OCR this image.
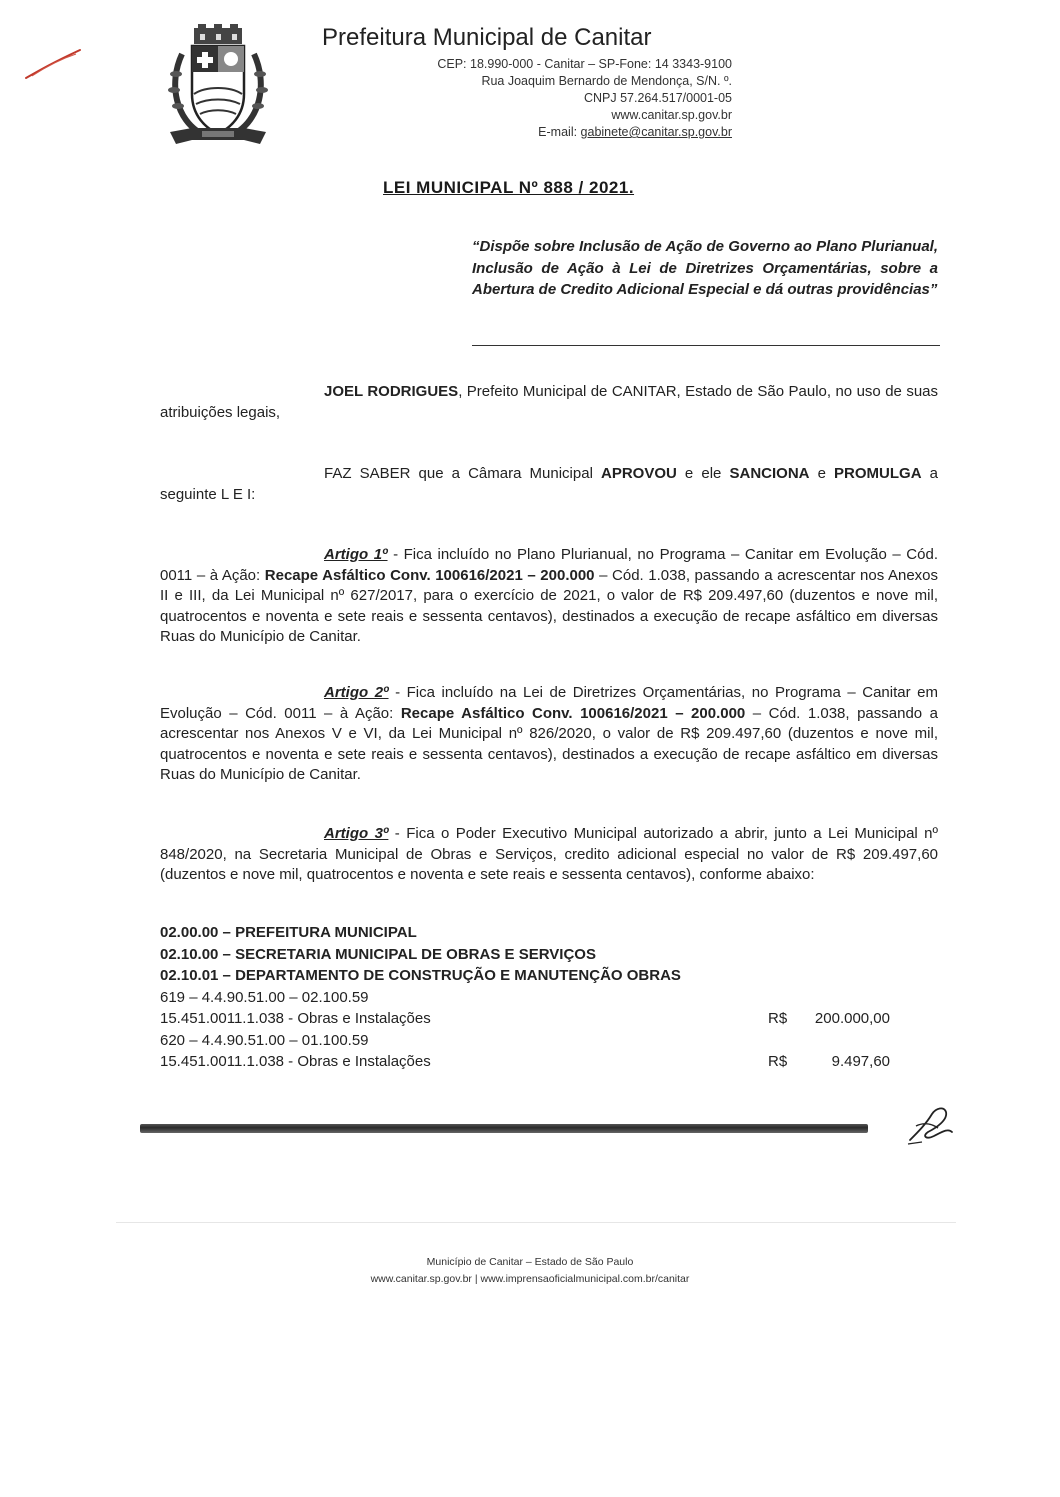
Prefeitura Municipal de Canitar
CEP: 18.990-000 - Canitar – SP-Fone: 14 3343-9100
Rua Joaquim Bernardo de Mendonça, S/N. º.
CNPJ 57.264.517/0001-05
www.canitar.sp.gov.br
E-mail: gabinete@canitar.sp.gov.br
LEI MUNICIPAL Nº 888 / 2021.
“Dispõe sobre Inclusão de Ação de Governo ao Plano Plurianual, Inclusão de Ação à Lei de Diretrizes Orçamentárias, sobre a Abertura de Credito Adicional Especial e dá outras providências”
JOEL RODRIGUES, Prefeito Municipal de CANITAR, Estado de São Paulo, no uso de suas atribuições legais,
FAZ SABER que a Câmara Municipal APROVOU e ele SANCIONA e PROMULGA a seguinte L E I:
Artigo 1º - Fica incluído no Plano Plurianual, no Programa – Canitar em Evolução – Cód. 0011 – à Ação: Recape Asfáltico Conv. 100616/2021 – 200.000 – Cód. 1.038, passando a acrescentar nos Anexos II e III, da Lei Municipal nº 627/2017, para o exercício de 2021, o valor de R$ 209.497,60 (duzentos e nove mil, quatrocentos e noventa e sete reais e sessenta centavos), destinados a execução de recape asfáltico em diversas Ruas do Município de Canitar.
Artigo 2º - Fica incluído na Lei de Diretrizes Orçamentárias, no Programa – Canitar em Evolução – Cód. 0011 – à Ação: Recape Asfáltico Conv. 100616/2021 – 200.000 – Cód. 1.038, passando a acrescentar nos Anexos V e VI, da Lei Municipal nº 826/2020, o valor de R$ 209.497,60 (duzentos e nove mil, quatrocentos e noventa e sete reais e sessenta centavos), destinados a execução de recape asfáltico em diversas Ruas do Município de Canitar.
Artigo 3º - Fica o Poder Executivo Municipal autorizado a abrir, junto a Lei Municipal nº 848/2020, na Secretaria Municipal de Obras e Serviços, credito adicional especial no valor de R$ 209.497,60 (duzentos e nove mil, quatrocentos e noventa e sete reais e sessenta centavos), conforme abaixo:
02.00.00 – PREFEITURA MUNICIPAL
02.10.00 – SECRETARIA MUNICIPAL DE OBRAS E SERVIÇOS
02.10.01 – DEPARTAMENTO DE CONSTRUÇÃO E MANUTENÇÃO OBRAS
619 – 4.4.90.51.00 – 02.100.59
15.451.0011.1.038 - Obras e Instalações	R$ 200.000,00
620 – 4.4.90.51.00 – 01.100.59
15.451.0011.1.038 - Obras e Instalações	R$	9.497,60
Município de Canitar – Estado de São Paulo
www.canitar.sp.gov.br | www.imprensaoficialmunicipal.com.br/canitar
